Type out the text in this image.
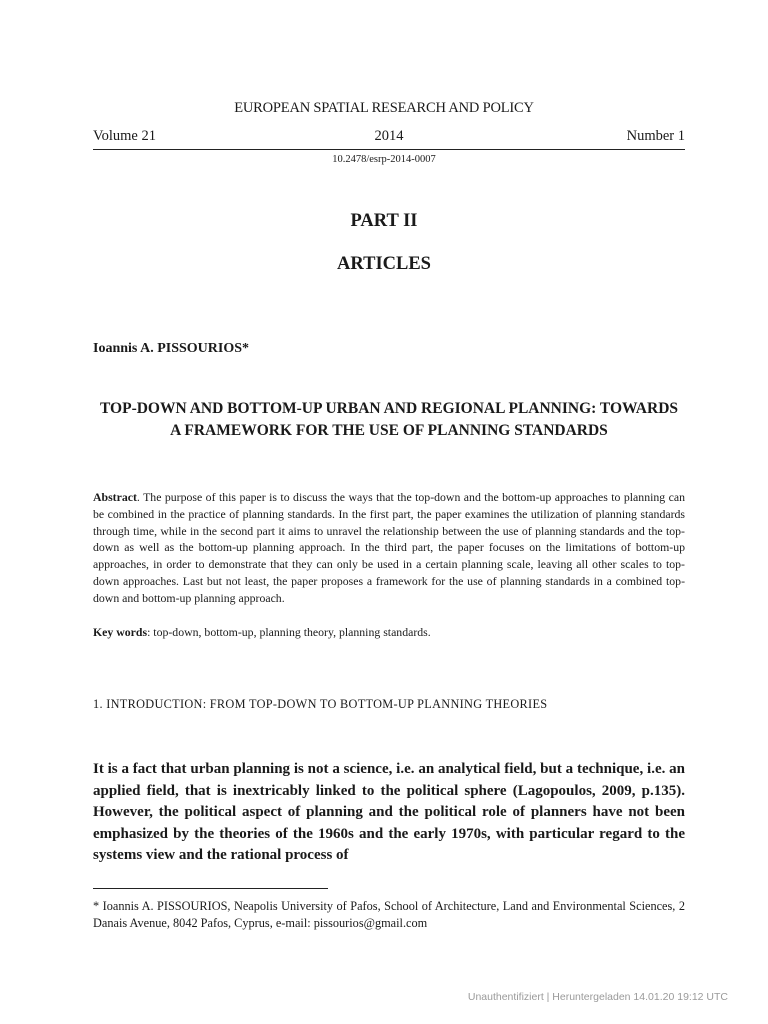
EUROPEAN SPATIAL RESEARCH AND POLICY
Volume 21	2014	Number 1
10.2478/esrp-2014-0007
PART II
ARTICLES
Ioannis A. PISSOURIOS*
TOP-DOWN AND BOTTOM-UP URBAN AND REGIONAL PLANNING: TOWARDS A FRAMEWORK FOR THE USE OF PLANNING STANDARDS
Abstract. The purpose of this paper is to discuss the ways that the top-down and the bottom-up approaches to planning can be combined in the practice of planning standards. In the first part, the paper examines the utilization of planning standards through time, while in the second part it aims to unravel the relationship between the use of planning standards and the top-down as well as the bottom-up planning approach. In the third part, the paper focuses on the limitations of bottom-up approaches, in order to demonstrate that they can only be used in a certain planning scale, leaving all other scales to top-down approaches. Last but not least, the paper proposes a framework for the use of planning standards in a combined top-down and bottom-up planning approach.
Key words: top-down, bottom-up, planning theory, planning standards.
1. INTRODUCTION: FROM TOP-DOWN TO BOTTOM-UP PLANNING THEORIES
It is a fact that urban planning is not a science, i.e. an analytical field, but a technique, i.e. an applied field, that is inextricably linked to the political sphere (Lagopoulos, 2009, p.135). However, the political aspect of planning and the political role of planners have not been emphasized by the theories of the 1960s and the early 1970s, with particular regard to the systems view and the rational process of
* Ioannis A. PISSOURIOS, Neapolis University of Pafos, School of Architecture, Land and Environmental Sciences, 2 Danais Avenue, 8042 Pafos, Cyprus, e-mail: pissourios@gmail.com
Unauthentifiziert | Heruntergeladen 14.01.20 19:12 UTC
